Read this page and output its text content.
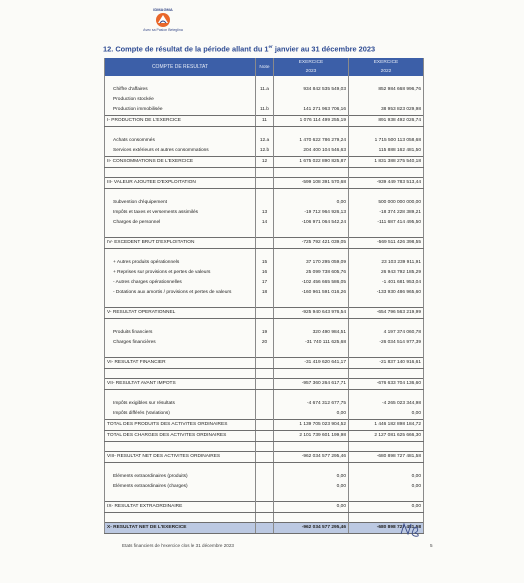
IDMAGMA
Avec sa Pasion Beteglina
12. Compte de résultat de la période allant du 1er janvier au 31 décembre 2023
COMPTE DE RESULTAT	Note	EXERCICE	EXERCICE
		2023	2022

Chiffre d'affaires	11.a	934 842 535 549,03	852 984 668 996,76
Production stockée			
Production immobilisée	11.b	141 271 963 706,16	38 953 823 029,98
I- PRODUCTION DE L'EXERCICE	11	1 076 114 499 255,19	891 938 492 026,74

Achats consommés	12.a	1 470 622 786 279,24	1 715 500 113 058,68
Services extérieurs et autres consommations	12.b	204 400 104 546,63	115 888 162 481,50
II- CONSOMMATIONS DE L'EXERCICE	12	1 675 022 890 825,87	1 831 388 275 540,18

III- VALEUR AJOUTEE D'EXPLOITATION		-599 108 391 570,68	-939 449 783 513,44

Subvention d'équipement		0,00	500 000 000 000,00
Impôts et taxes et versements assimilés	13	-19 712 964 926,13	-18 374 228 389,21
Charges de personnel	14	-106 971 064 542,24	-111 687 414 495,50

IV- EXCEDENT BRUT D'EXPLOITATION		-725 792 421 039,05	-569 511 426 398,55

+ Autres produits opérationnels	15	37 170 295 059,09	23 103 239 911,91
+ Reprises sur provisions et pertes de valeurs	16	25 099 738 605,76	26 943 792 185,29
- Autres charges opérationnelles	17	-102 456 665 586,05	-1 401 681 953,04
- Dotations aux amortis / provisions et pertes de valeurs	18	-160 961 591 016,26	-133 930 486 965,60

V- RESULTAT OPERATIONNEL		-925 940 643 976,54	-654 796 563 219,99

Produits financiers	19	320 490 984,51	4 197 374 060,78
Charges financières	20	-31 740 111 625,68	-26 034 514 977,39

VI- RESULTAT FINANCIER		-31 419 620 641,17	-21 837 140 916,61

VII- RESULTAT AVANT IMPOTS		-957 360 264 617,71	-676 633 704 136,60

Impôts exigibles sur résultats		-4 674 312 677,75	-4 265 023 344,98
Impôts différés (Variations)		0,00	0,00
TOTAL DES PRODUITS DES ACTIVITES ORDINAIRES		1 139 705 023 904,52	1 446 182 898 184,72
TOTAL DES CHARGES DES ACTIVITES ORDINAIRES		2 101 739 601 199,98	2 127 081 625 666,30

VIII- RESULTAT NET DES ACTIVITES ORDINAIRES		-962 034 577 295,46	-680 898 727 481,58

Eléments extraordinaires (produits)		0,00	0,00
Eléments extraordinaires (charges)		0,00	0,00

IX- RESULTAT EXTRAORDINAIRE		0,00	0,00

X- RESULTAT NET DE L'EXERCICE		-962 034 577 295,46	-680 898 727 481,58
Etats financiers de l'exercice clos le 31 décembre 2023	5
